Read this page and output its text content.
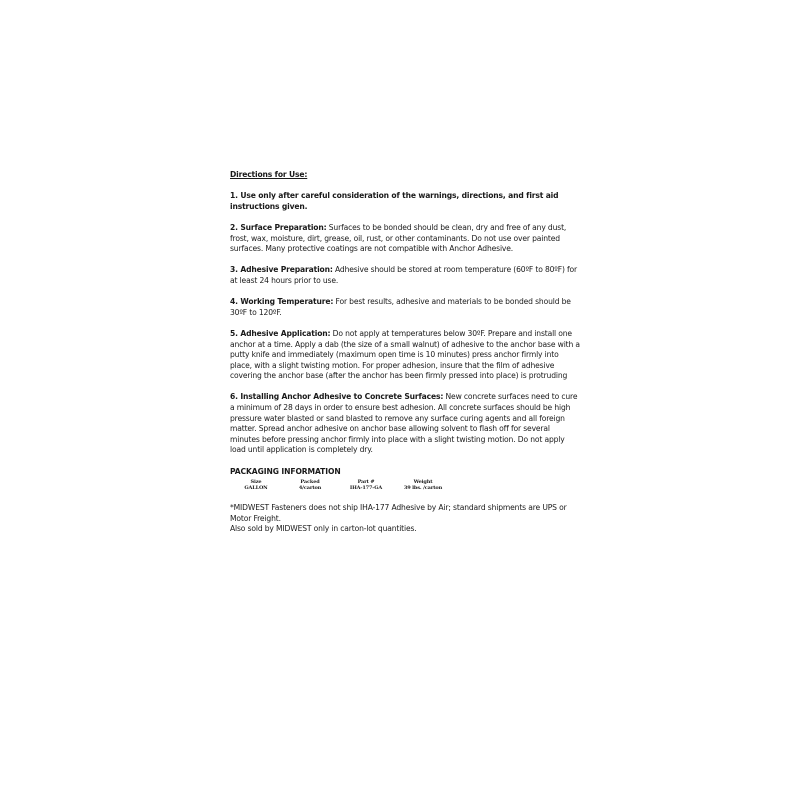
Directions for Use:
1. Use only after careful consideration of the warnings, directions, and first aid instructions given.
2. Surface Preparation: Surfaces to be bonded should be clean, dry and free of any dust, frost, wax, moisture, dirt, grease, oil, rust, or other contaminants. Do not use over painted surfaces. Many protective coatings are not compatible with Anchor Adhesive.
3. Adhesive Preparation: Adhesive should be stored at room temperature (60ºF to 80ºF) for at least 24 hours prior to use.
4. Working Temperature: For best results, adhesive and materials to be bonded should be 30ºF to 120ºF.
5. Adhesive Application: Do not apply at temperatures below 30ºF. Prepare and install one anchor at a time. Apply a dab (the size of a small walnut) of adhesive to the anchor base with a putty knife and immediately (maximum open time is 10 minutes) press anchor firmly into place, with a slight twisting motion. For proper adhesion, insure that the film of adhesive covering the anchor base (after the anchor has been firmly pressed into place) is protruding
6. Installing Anchor Adhesive to Concrete Surfaces: New concrete surfaces need to cure a minimum of 28 days in order to ensure best adhesion. All concrete surfaces should be high pressure water blasted or sand blasted to remove any surface curing agents and all foreign matter. Spread anchor adhesive on anchor base allowing solvent to flash off for several minutes before pressing anchor firmly into place with a slight twisting motion. Do not apply load until application is completely dry.
PACKAGING INFORMATION
Size
GALLON
Packed
4/carton
Part #
IHA-177-GA
Weight
39 lbs. /carton
*MIDWEST Fasteners does not ship IHA-177 Adhesive by Air; standard shipments are UPS or Motor Freight.
Also sold by MIDWEST only in carton-lot quantities.
